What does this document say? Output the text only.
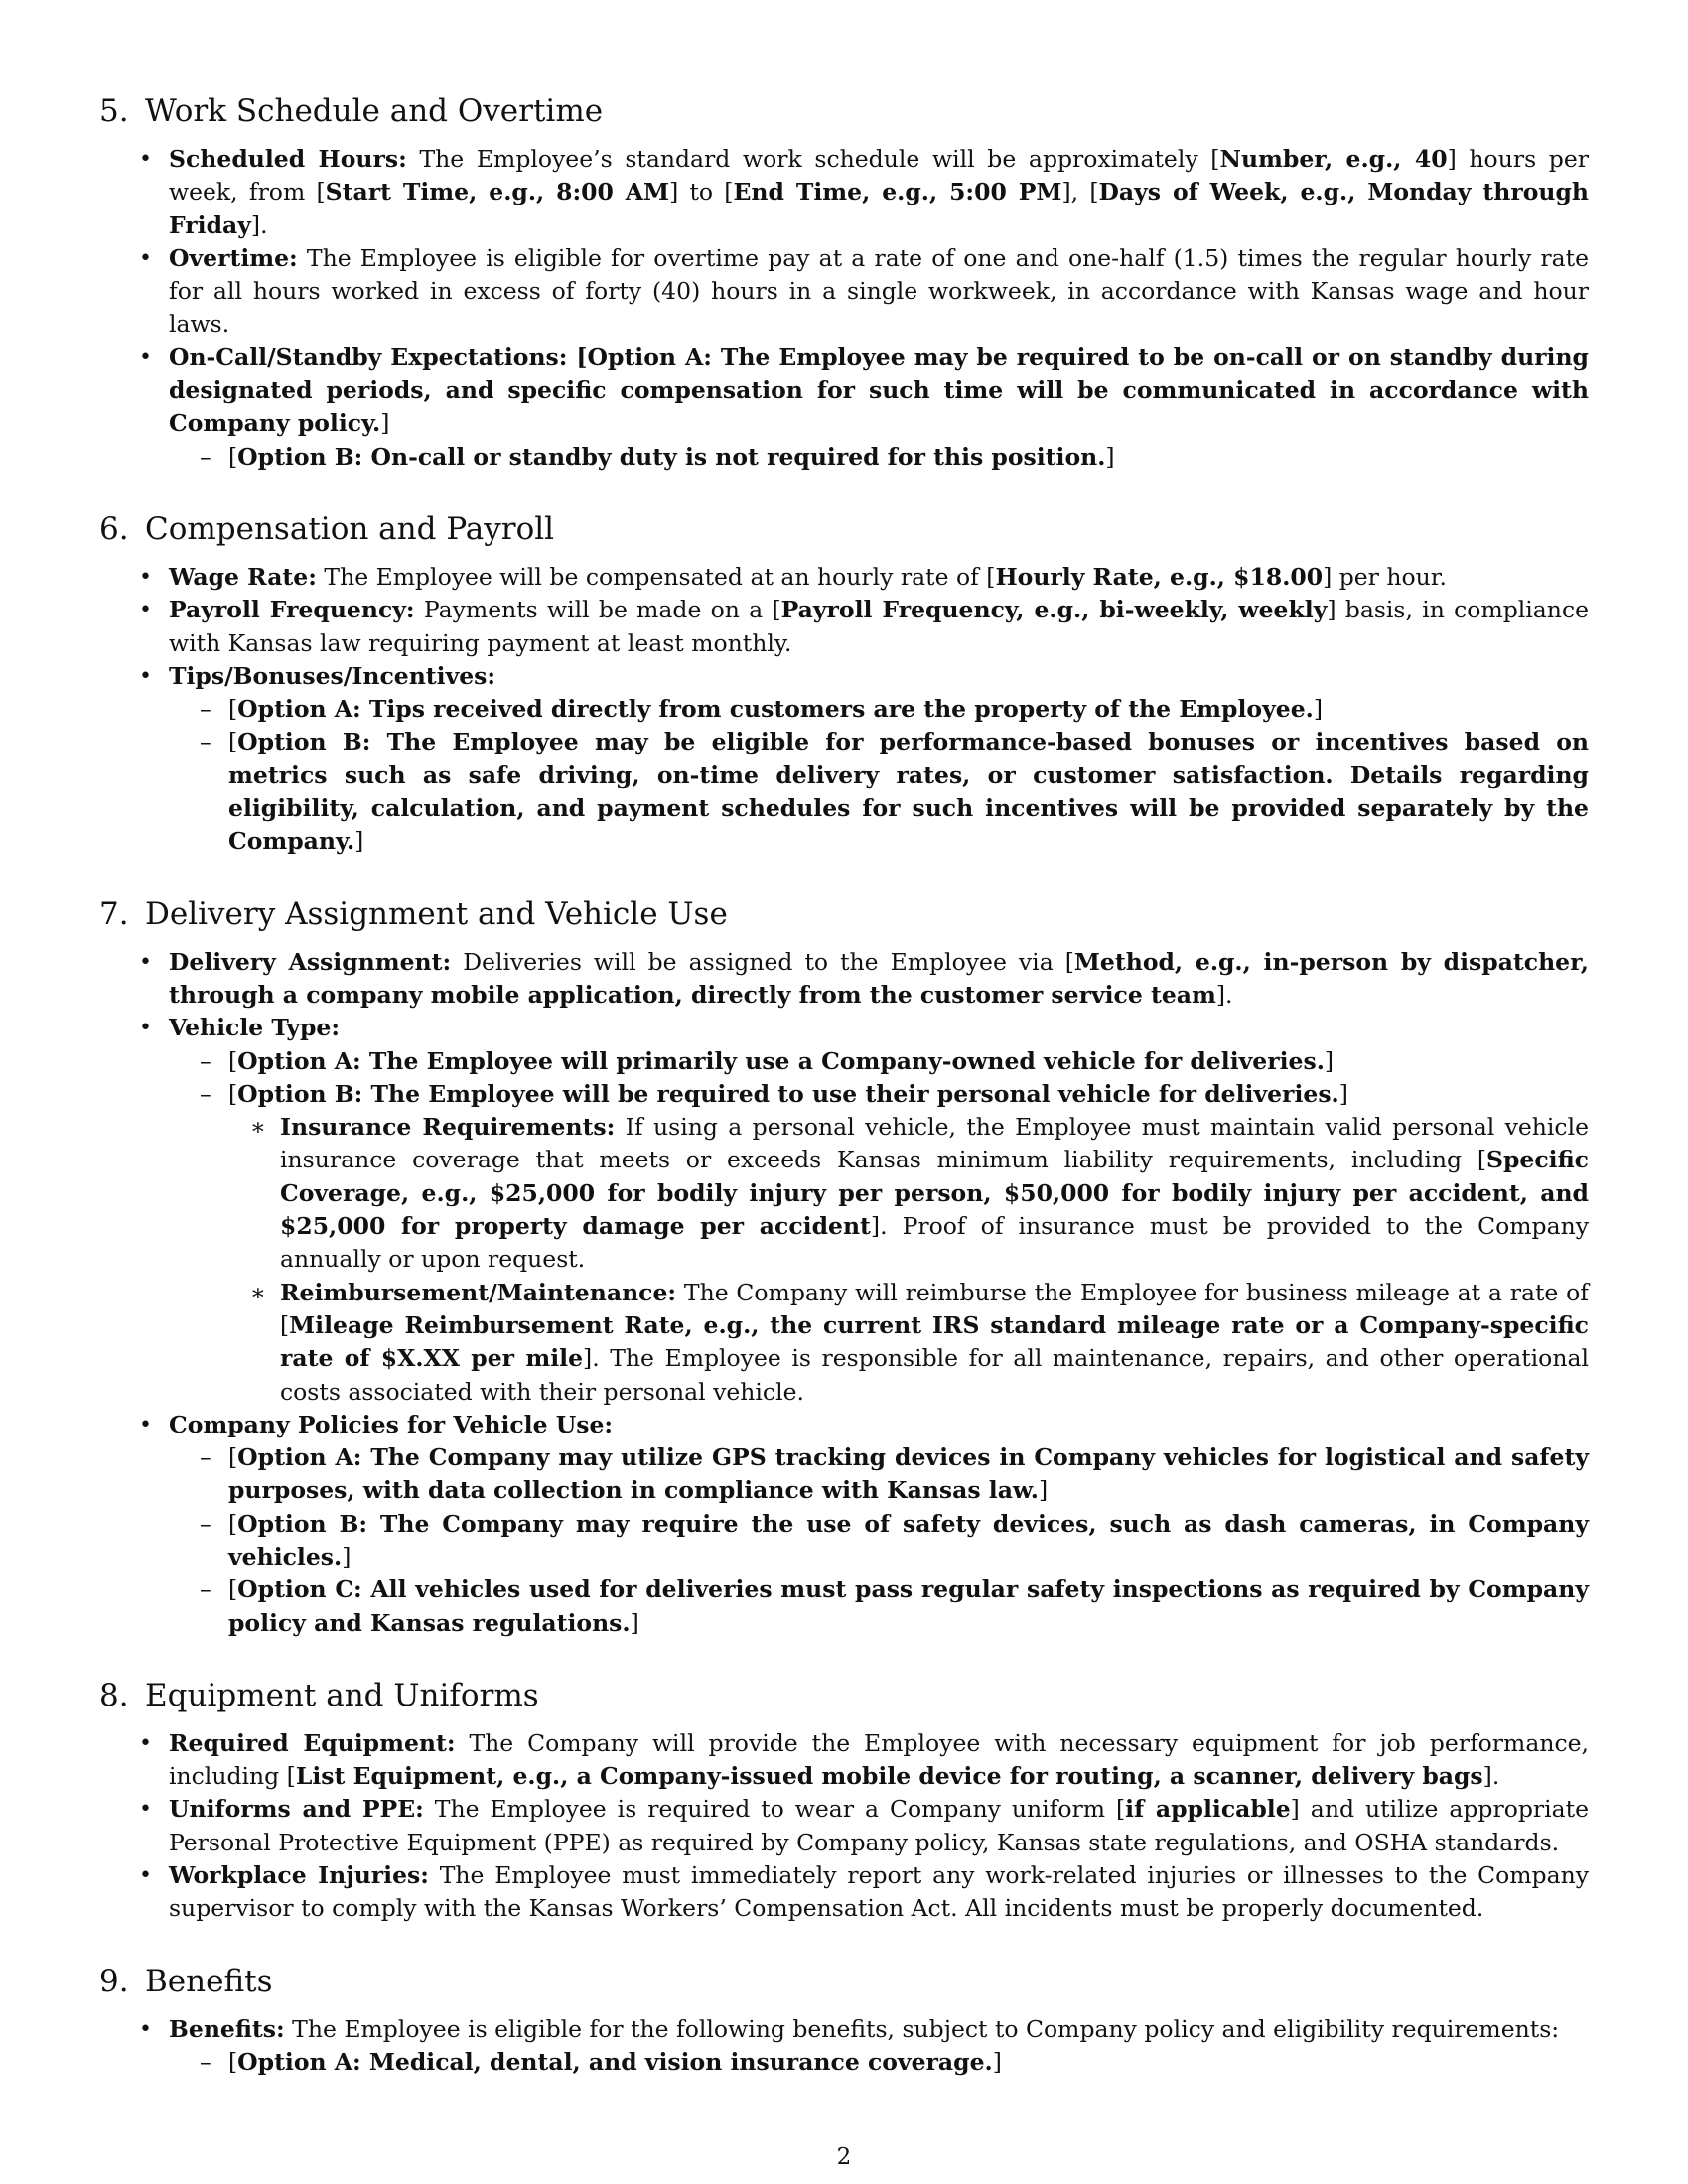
5. Work Schedule and Overtime
• Scheduled Hours: The Employee’s standard work schedule will be approximately [Number, e.g., 40] hours per week, from [Start Time, e.g., 8:00 AM] to [End Time, e.g., 5:00 PM], [Days of Week, e.g., Monday through Friday].
• Overtime: The Employee is eligible for overtime pay at a rate of one and one-half (1.5) times the regular hourly rate for all hours worked in excess of forty (40) hours in a single workweek, in accordance with Kansas wage and hour laws.
• On-Call/Standby Expectations: [Option A: The Employee may be required to be on-call or on standby during designated periods, and specific compensation for such time will be communicated in accordance with Company policy.]
– [Option B: On-call or standby duty is not required for this position.]
6. Compensation and Payroll
• Wage Rate: The Employee will be compensated at an hourly rate of [Hourly Rate, e.g., $18.00] per hour.
• Payroll Frequency: Payments will be made on a [Payroll Frequency, e.g., bi-weekly, weekly] basis, in compliance with Kansas law requiring payment at least monthly.
• Tips/Bonuses/Incentives:
– [Option A: Tips received directly from customers are the property of the Employee.]
– [Option B: The Employee may be eligible for performance-based bonuses or incentives based on metrics such as safe driving, on-time delivery rates, or customer satisfaction. Details regarding eligibility, calculation, and payment schedules for such incentives will be provided separately by the Company.]
7. Delivery Assignment and Vehicle Use
• Delivery Assignment: Deliveries will be assigned to the Employee via [Method, e.g., in-person by dispatcher, through a company mobile application, directly from the customer service team].
• Vehicle Type:
– [Option A: The Employee will primarily use a Company-owned vehicle for deliveries.]
– [Option B: The Employee will be required to use their personal vehicle for deliveries.]
∗ Insurance Requirements: If using a personal vehicle, the Employee must maintain valid personal vehicle insurance coverage that meets or exceeds Kansas minimum liability requirements, including [Specific Coverage, e.g., $25,000 for bodily injury per person, $50,000 for bodily injury per accident, and $25,000 for property damage per accident]. Proof of insurance must be provided to the Company annually or upon request.
∗ Reimbursement/Maintenance: The Company will reimburse the Employee for business mileage at a rate of [Mileage Reimbursement Rate, e.g., the current IRS standard mileage rate or a Company-specific rate of $X.XX per mile]. The Employee is responsible for all maintenance, repairs, and other operational costs associated with their personal vehicle.
• Company Policies for Vehicle Use:
– [Option A: The Company may utilize GPS tracking devices in Company vehicles for logistical and safety purposes, with data collection in compliance with Kansas law.]
– [Option B: The Company may require the use of safety devices, such as dash cameras, in Company vehicles.]
– [Option C: All vehicles used for deliveries must pass regular safety inspections as required by Company policy and Kansas regulations.]
8. Equipment and Uniforms
• Required Equipment: The Company will provide the Employee with necessary equipment for job performance, including [List Equipment, e.g., a Company-issued mobile device for routing, a scanner, delivery bags].
• Uniforms and PPE: The Employee is required to wear a Company uniform [if applicable] and utilize appropriate Personal Protective Equipment (PPE) as required by Company policy, Kansas state regulations, and OSHA standards.
• Workplace Injuries: The Employee must immediately report any work-related injuries or illnesses to the Company supervisor to comply with the Kansas Workers’ Compensation Act. All incidents must be properly documented.
9. Benefits
• Benefits: The Employee is eligible for the following benefits, subject to Company policy and eligibility requirements:
– [Option A: Medical, dental, and vision insurance coverage.]
2
